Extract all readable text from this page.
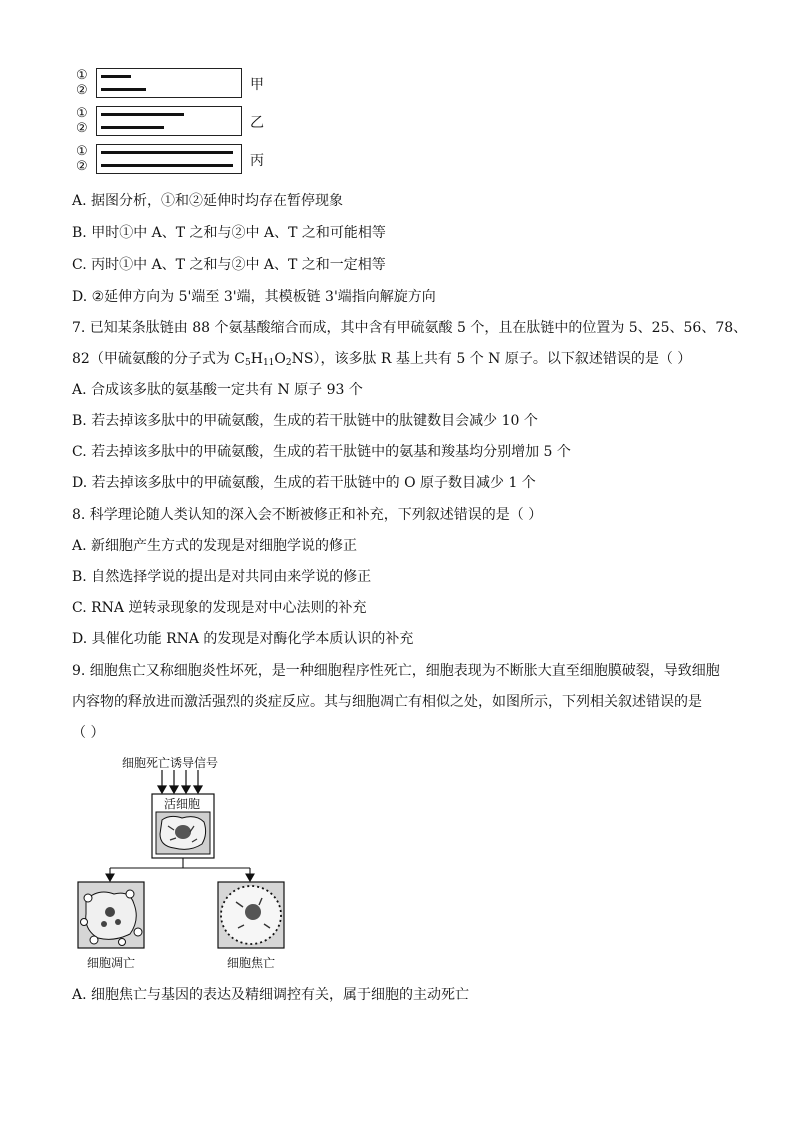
①
②	甲
①
②	乙
①
②	丙
A. 据图分析，①和②延伸时均存在暂停现象
B. 甲时①中 A、T 之和与②中 A、T 之和可能相等
C. 丙时①中 A、T 之和与②中 A、T 之和一定相等
D. ②延伸方向为 5'端至 3'端，其模板链 3'端指向解旋方向
7. 已知某条肽链由 88 个氨基酸缩合而成，其中含有甲硫氨酸 5 个，且在肽链中的位置为 5、25、56、78、
82（甲硫氨酸的分子式为 $C_5H_{11}O_2NS$），该多肽 R 基上共有 5 个 N 原子。以下叙述错误的是（ ）
A. 合成该多肽的氨基酸一定共有 N 原子 93 个
B. 若去掉该多肽中的甲硫氨酸，生成的若干肽链中的肽键数目会减少 10 个
C. 若去掉该多肽中的甲硫氨酸，生成的若干肽链中的氨基和羧基均分别增加 5 个
D. 若去掉该多肽中的甲硫氨酸，生成的若干肽链中的 O 原子数目减少 1 个
8. 科学理论随人类认知的深入会不断被修正和补充，下列叙述错误的是（ ）
A. 新细胞产生方式的发现是对细胞学说的修正
B. 自然选择学说的提出是对共同由来学说的修正
C. RNA 逆转录现象的发现是对中心法则的补充
D. 具催化功能 RNA 的发现是对酶化学本质认识的补充
9. 细胞焦亡又称细胞炎性坏死，是一种细胞程序性死亡，细胞表现为不断胀大直至细胞膜破裂，导致细胞
内容物的释放进而激活强烈的炎症反应。其与细胞凋亡有相似之处，如图所示，下列相关叙述错误的是
（ ）
细胞死亡诱导信号
活细胞
细胞凋亡	细胞焦亡
A. 细胞焦亡与基因的表达及精细调控有关，属于细胞的主动死亡
